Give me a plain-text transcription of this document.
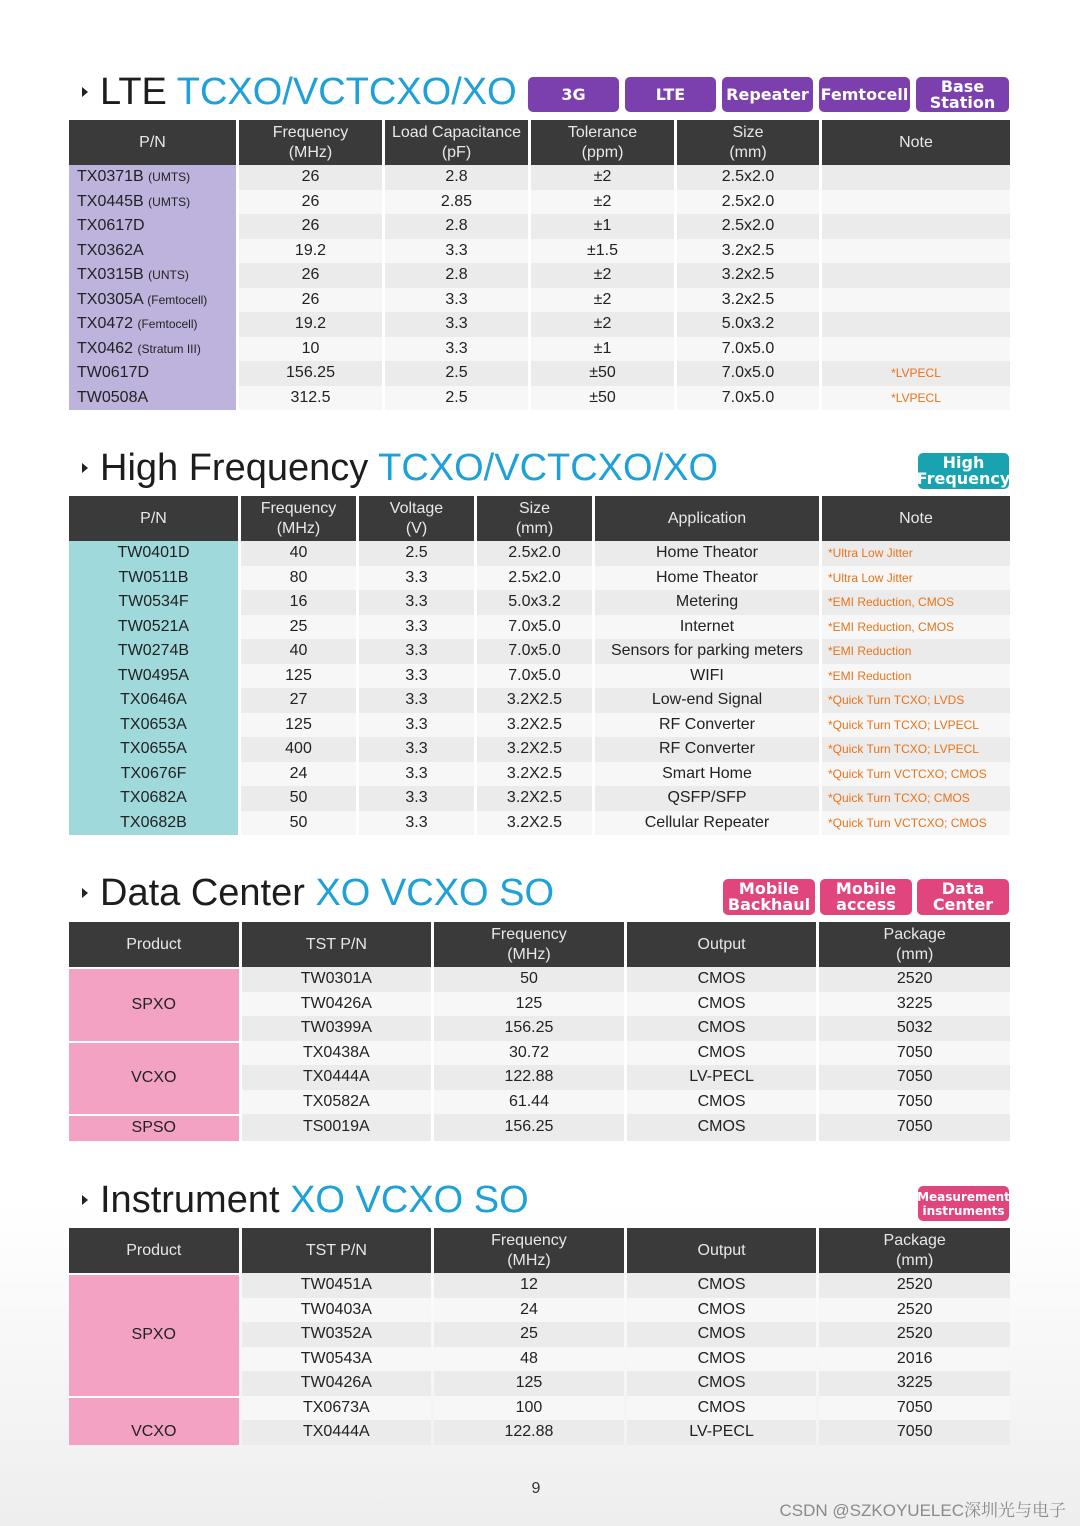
LTE TCXO/VCTCXO/XO	3G	LTE	Repeater Femtocell Base
Station
P/N	Frequency
(MHz)	Load Capacitance
(pF)	Tolerance
(ppm)	Size
(mm)	Note
TX0371B (UMTS)	26	2.8	±2	2.5x2.0	
TX0445B (UMTS)	26	2.85	±2	2.5x2.0	
TX0617D	26	2.8	±1	2.5x2.0	
TX0362A	19.2	3.3	±1.5	3.2x2.5	
TX0315B (UNTS)	26	2.8	±2	3.2x2.5	
TX0305A (Femtocell)	26	3.3	±2	3.2x2.5	
TX0472 (Femtocell)	19.2	3.3	±2	5.0x3.2	
TX0462 (Stratum III)	10	3.3	±1	7.0x5.0	
TW0617D	156.25	2.5	±50	7.0x5.0	*LVPECL
TW0508A	312.5	2.5	±50	7.0x5.0	*LVPECL
High Frequency TCXO/VCTCXO/XO	High
Frequency
P/N	Frequency
(MHz)	Voltage
(V)	Size
(mm)	Application	Note
TW0401D	40	2.5	2.5x2.0	Home Theator	*Ultra Low Jitter
TW0511B	80	3.3	2.5x2.0	Home Theator	*Ultra Low Jitter
TW0534F	16	3.3	5.0x3.2	Metering	*EMI Reduction, CMOS
TW0521A	25	3.3	7.0x5.0	Internet	*EMI Reduction, CMOS
TW0274B	40	3.3	7.0x5.0	Sensors for parking meters	*EMI Reduction
TW0495A	125	3.3	7.0x5.0	WIFI	*EMI Reduction
TX0646A	27	3.3	3.2X2.5	Low-end Signal	*Quick Turn TCXO; LVDS
TX0653A	125	3.3	3.2X2.5	RF Converter	*Quick Turn TCXO; LVPECL
TX0655A	400	3.3	3.2X2.5	RF Converter	*Quick Turn TCXO; LVPECL
TX0676F	24	3.3	3.2X2.5	Smart Home	*Quick Turn VCTCXO; CMOS
TX0682A	50	3.3	3.2X2.5	QSFP/SFP	*Quick Turn TCXO; CMOS
TX0682B	50	3.3	3.2X2.5	Cellular Repeater	*Quick Turn VCTCXO; CMOS
Data Center XO VCXO SO	Mobile
Backhaul
Mobile
access
Data
Center
Product	TST P/N	Frequency
(MHz)	Output	Package
(mm)
SPXO	TW0301A	50	CMOS	2520
	TW0426A	125	CMOS	3225
	TW0399A	156.25	CMOS	5032
VCXO	TX0438A	30.72	CMOS	7050
	TX0444A	122.88	LV-PECL	7050
	TX0582A	61.44	CMOS	7050
SPSO	TS0019A	156.25	CMOS	7050
Instrument XO VCXO SO	Measurement
instruments
Product	TST P/N	Frequency
(MHz)	Output	Package
(mm)
SPXO	TW0451A	12	CMOS	2520
	TW0403A	24	CMOS	2520
	TW0352A	25	CMOS	2520
	TW0543A	48	CMOS	2016
	TW0426A	125	CMOS	3225
VCXO	TX0673A	100	CMOS	7050
	TX0444A	122.88	LV-PECL	7050
9
CSDN @SZKOYUELEC深圳光与电子
